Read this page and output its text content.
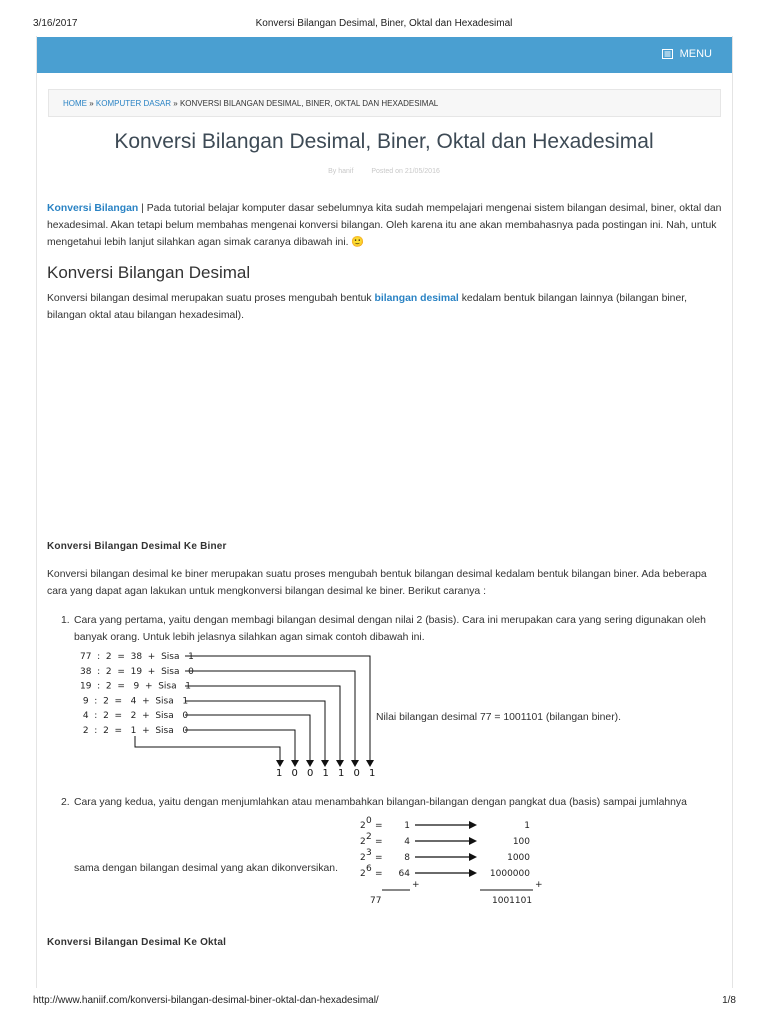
3/16/2017	Konversi Bilangan Desimal, Biner, Oktal dan Hexadesimal
MENU
HOME » KOMPUTER DASAR » KONVERSI BILANGAN DESIMAL, BINER, OKTAL DAN HEXADESIMAL
Konversi Bilangan Desimal, Biner, Oktal dan Hexadesimal
By hanif	Posted on 21/05/2016

Konversi Bilangan | Pada tutorial belajar komputer dasar sebelumnya kita sudah mempelajari mengenai sistem bilangan desimal, biner, oktal dan hexadesimal. Akan tetapi belum membahas mengenai konversi bilangan. Oleh karena itu ane akan membahasnya pada postingan ini. Nah, untuk mengetahui lebih lanjut silahkan agan simak caranya dibawah ini. 🙂

Konversi Bilangan Desimal

Konversi bilangan desimal merupakan suatu proses mengubah bentuk bilangan desimal kedalam bentuk bilangan lainnya (bilangan biner, bilangan oktal atau bilangan hexadesimal).

Konversi Bilangan Desimal Ke Biner

Konversi bilangan desimal ke biner merupakan suatu proses mengubah bentuk bilangan desimal kedalam bentuk bilangan biner. Ada beberapa cara yang dapat agan lakukan untuk mengkonversi bilangan desimal ke biner. Berikut caranya :

1. Cara yang pertama, yaitu dengan membagi bilangan desimal dengan nilai 2 (basis). Cara ini merupakan cara yang sering digunakan oleh banyak orang. Untuk lebih jelasnya silahkan agan simak contoh dibawah ini.
77  :  2  =  38  +  Sisa   1
38  :  2  =  19  +  Sisa   0
19  :  2  =   9  +  Sisa   1
9  :  2  =   4  +  Sisa   1
4  :  2  =   2  +  Sisa   0
2  :  2  =   1  +  Sisa   0
1 0 0 1 1 0 1
Nilai bilangan desimal 77 = 1001101 (bilangan biner).
2. Cara yang kedua, yaitu dengan menjumlahkan atau menambahkan bilangan-bilangan dengan pangkat dua (basis) sampai jumlahnya
sama dengan bilangan desimal yang akan dikonversikan.
2 0 = 1	1
2 2 = 4	100
2 3 = 8	1000
2 6 = 64	1000000
+	+
77	1001101
Konversi Bilangan Desimal Ke Oktal
http://www.haniif.com/konversi-bilangan-desimal-biner-oktal-dan-hexadesimal/	1/8
